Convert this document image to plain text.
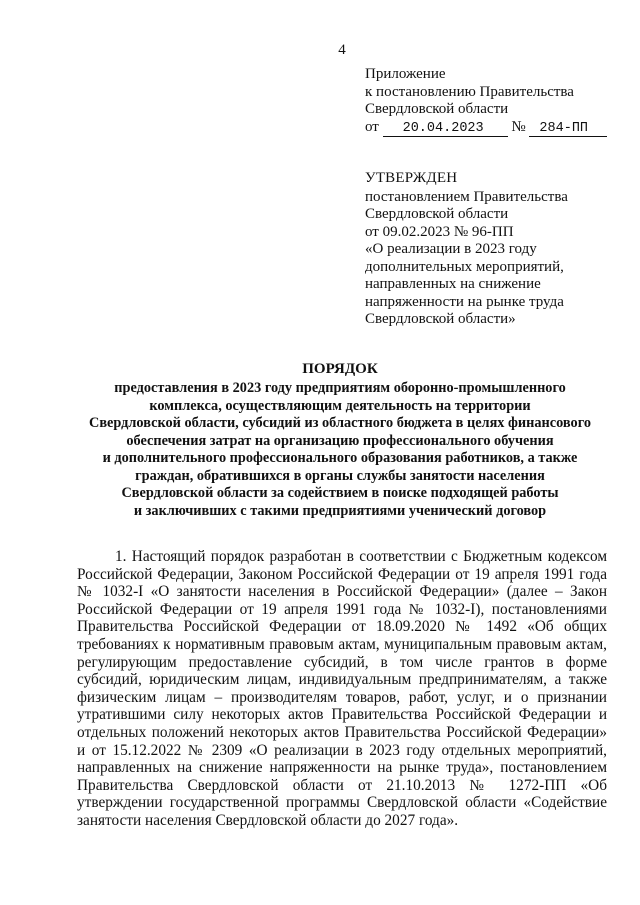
4
Приложение
к постановлению Правительства
Свердловской области
от 20.04.2023 № 284-ПП
УТВЕРЖДЕН
постановлением Правительства
Свердловской области
от 09.02.2023 № 96-ПП
«О реализации в 2023 году
дополнительных мероприятий,
направленных на снижение
напряженности на рынке труда
Свердловской области»
ПОРЯДОК
предоставления в 2023 году предприятиям оборонно-промышленного
комплекса, осуществляющим деятельность на территории
Свердловской области, субсидий из областного бюджета в целях финансового
обеспечения затрат на организацию профессионального обучения
и дополнительного профессионального образования работников, а также
граждан, обратившихся в органы службы занятости населения
Свердловской области за содействием в поиске подходящей работы
и заключивших с такими предприятиями ученический договор

1. Настоящий порядок разработан в соответствии с Бюджетным кодексом Российской Федерации, Законом Российской Федерации от 19 апреля 1991 года № 1032-I «О занятости населения в Российской Федерации» (далее – Закон Российской Федерации от 19 апреля 1991 года № 1032-I), постановлениями Правительства Российской Федерации от 18.09.2020 № 1492 «Об общих требованиях к нормативным правовым актам, муниципальным правовым актам, регулирующим предоставление субсидий, в том числе грантов в форме субсидий, юридическим лицам, индивидуальным предпринимателям, а также физическим лицам – производителям товаров, работ, услуг, и о признании утратившими силу некоторых актов Правительства Российской Федерации и отдельных положений некоторых актов Правительства Российской Федерации» и от 15.12.2022 № 2309 «О реализации в 2023 году отдельных мероприятий, направленных на снижение напряженности на рынке труда», постановлением Правительства Свердловской области от 21.10.2013 № 1272-ПП «Об утверждении государственной программы Свердловской области «Содействие занятости населения Свердловской области до 2027 года».
